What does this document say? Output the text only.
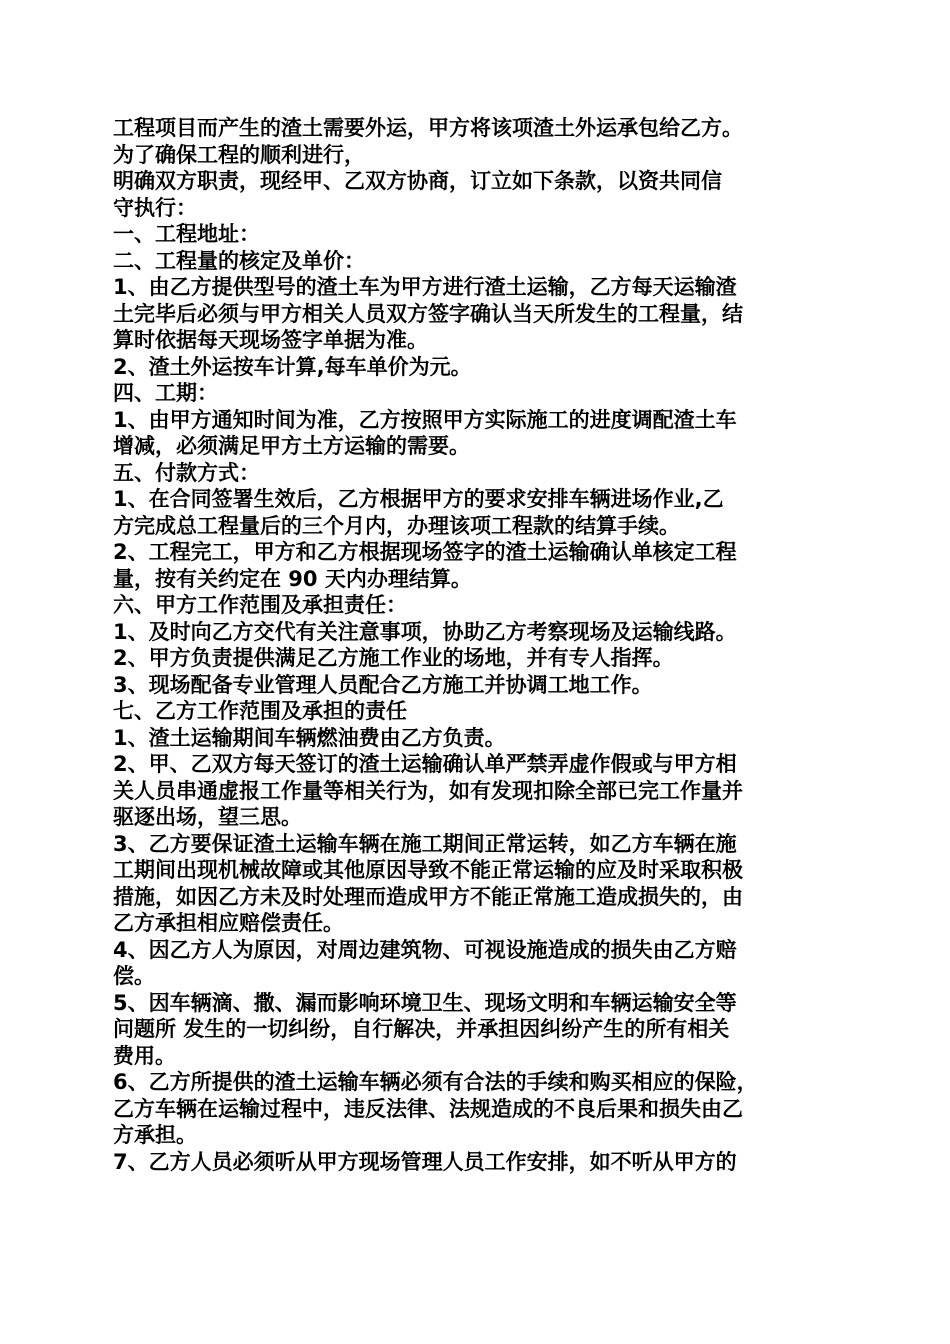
工程项目而产生的渣土需要外运，甲方将该项渣土外运承包给乙方。
为了确保工程的顺利进行，
明确双方职责，现经甲、乙双方协商，订立如下条款，以资共同信
守执行：
一、工程地址：
二、工程量的核定及单价：
1、由乙方提供型号的渣土车为甲方进行渣土运输，乙方每天运输渣
土完毕后必须与甲方相关人员双方签字确认当天所发生的工程量，结
算时依据每天现场签字单据为准。
2、渣土外运按车计算,每车单价为元。
四、工期：
1、由甲方通知时间为准，乙方按照甲方实际施工的进度调配渣土车
增减，必须满足甲方土方运输的需要。
五、付款方式：
1、在合同签署生效后，乙方根据甲方的要求安排车辆进场作业,乙
方完成总工程量后的三个月内，办理该项工程款的结算手续。
2、工程完工，甲方和乙方根据现场签字的渣土运输确认单核定工程
量，按有关约定在 90 天内办理结算。
六、甲方工作范围及承担责任：
1、及时向乙方交代有关注意事项，协助乙方考察现场及运输线路。
2、甲方负责提供满足乙方施工作业的场地，并有专人指挥。
3、现场配备专业管理人员配合乙方施工并协调工地工作。
七、乙方工作范围及承担的责任
1、渣土运输期间车辆燃油费由乙方负责。
2、甲、乙双方每天签订的渣土运输确认单严禁弄虚作假或与甲方相
关人员串通虚报工作量等相关行为，如有发现扣除全部已完工作量并
驱逐出场，望三思。
3、乙方要保证渣土运输车辆在施工期间正常运转，如乙方车辆在施
工期间出现机械故障或其他原因导致不能正常运输的应及时采取积极
措施，如因乙方未及时处理而造成甲方不能正常施工造成损失的，由
乙方承担相应赔偿责任。
4、因乙方人为原因，对周边建筑物、可视设施造成的损失由乙方赔
偿。
5、因车辆滴、撒、漏而影响环境卫生、现场文明和车辆运输安全等
问题所 发生的一切纠纷，自行解决，并承担因纠纷产生的所有相关
费用。
6、乙方所提供的渣土运输车辆必须有合法的手续和购买相应的保险，
乙方车辆在运输过程中，违反法律、法规造成的不良后果和损失由乙
方承担。
7、乙方人员必须听从甲方现场管理人员工作安排，如不听从甲方的
